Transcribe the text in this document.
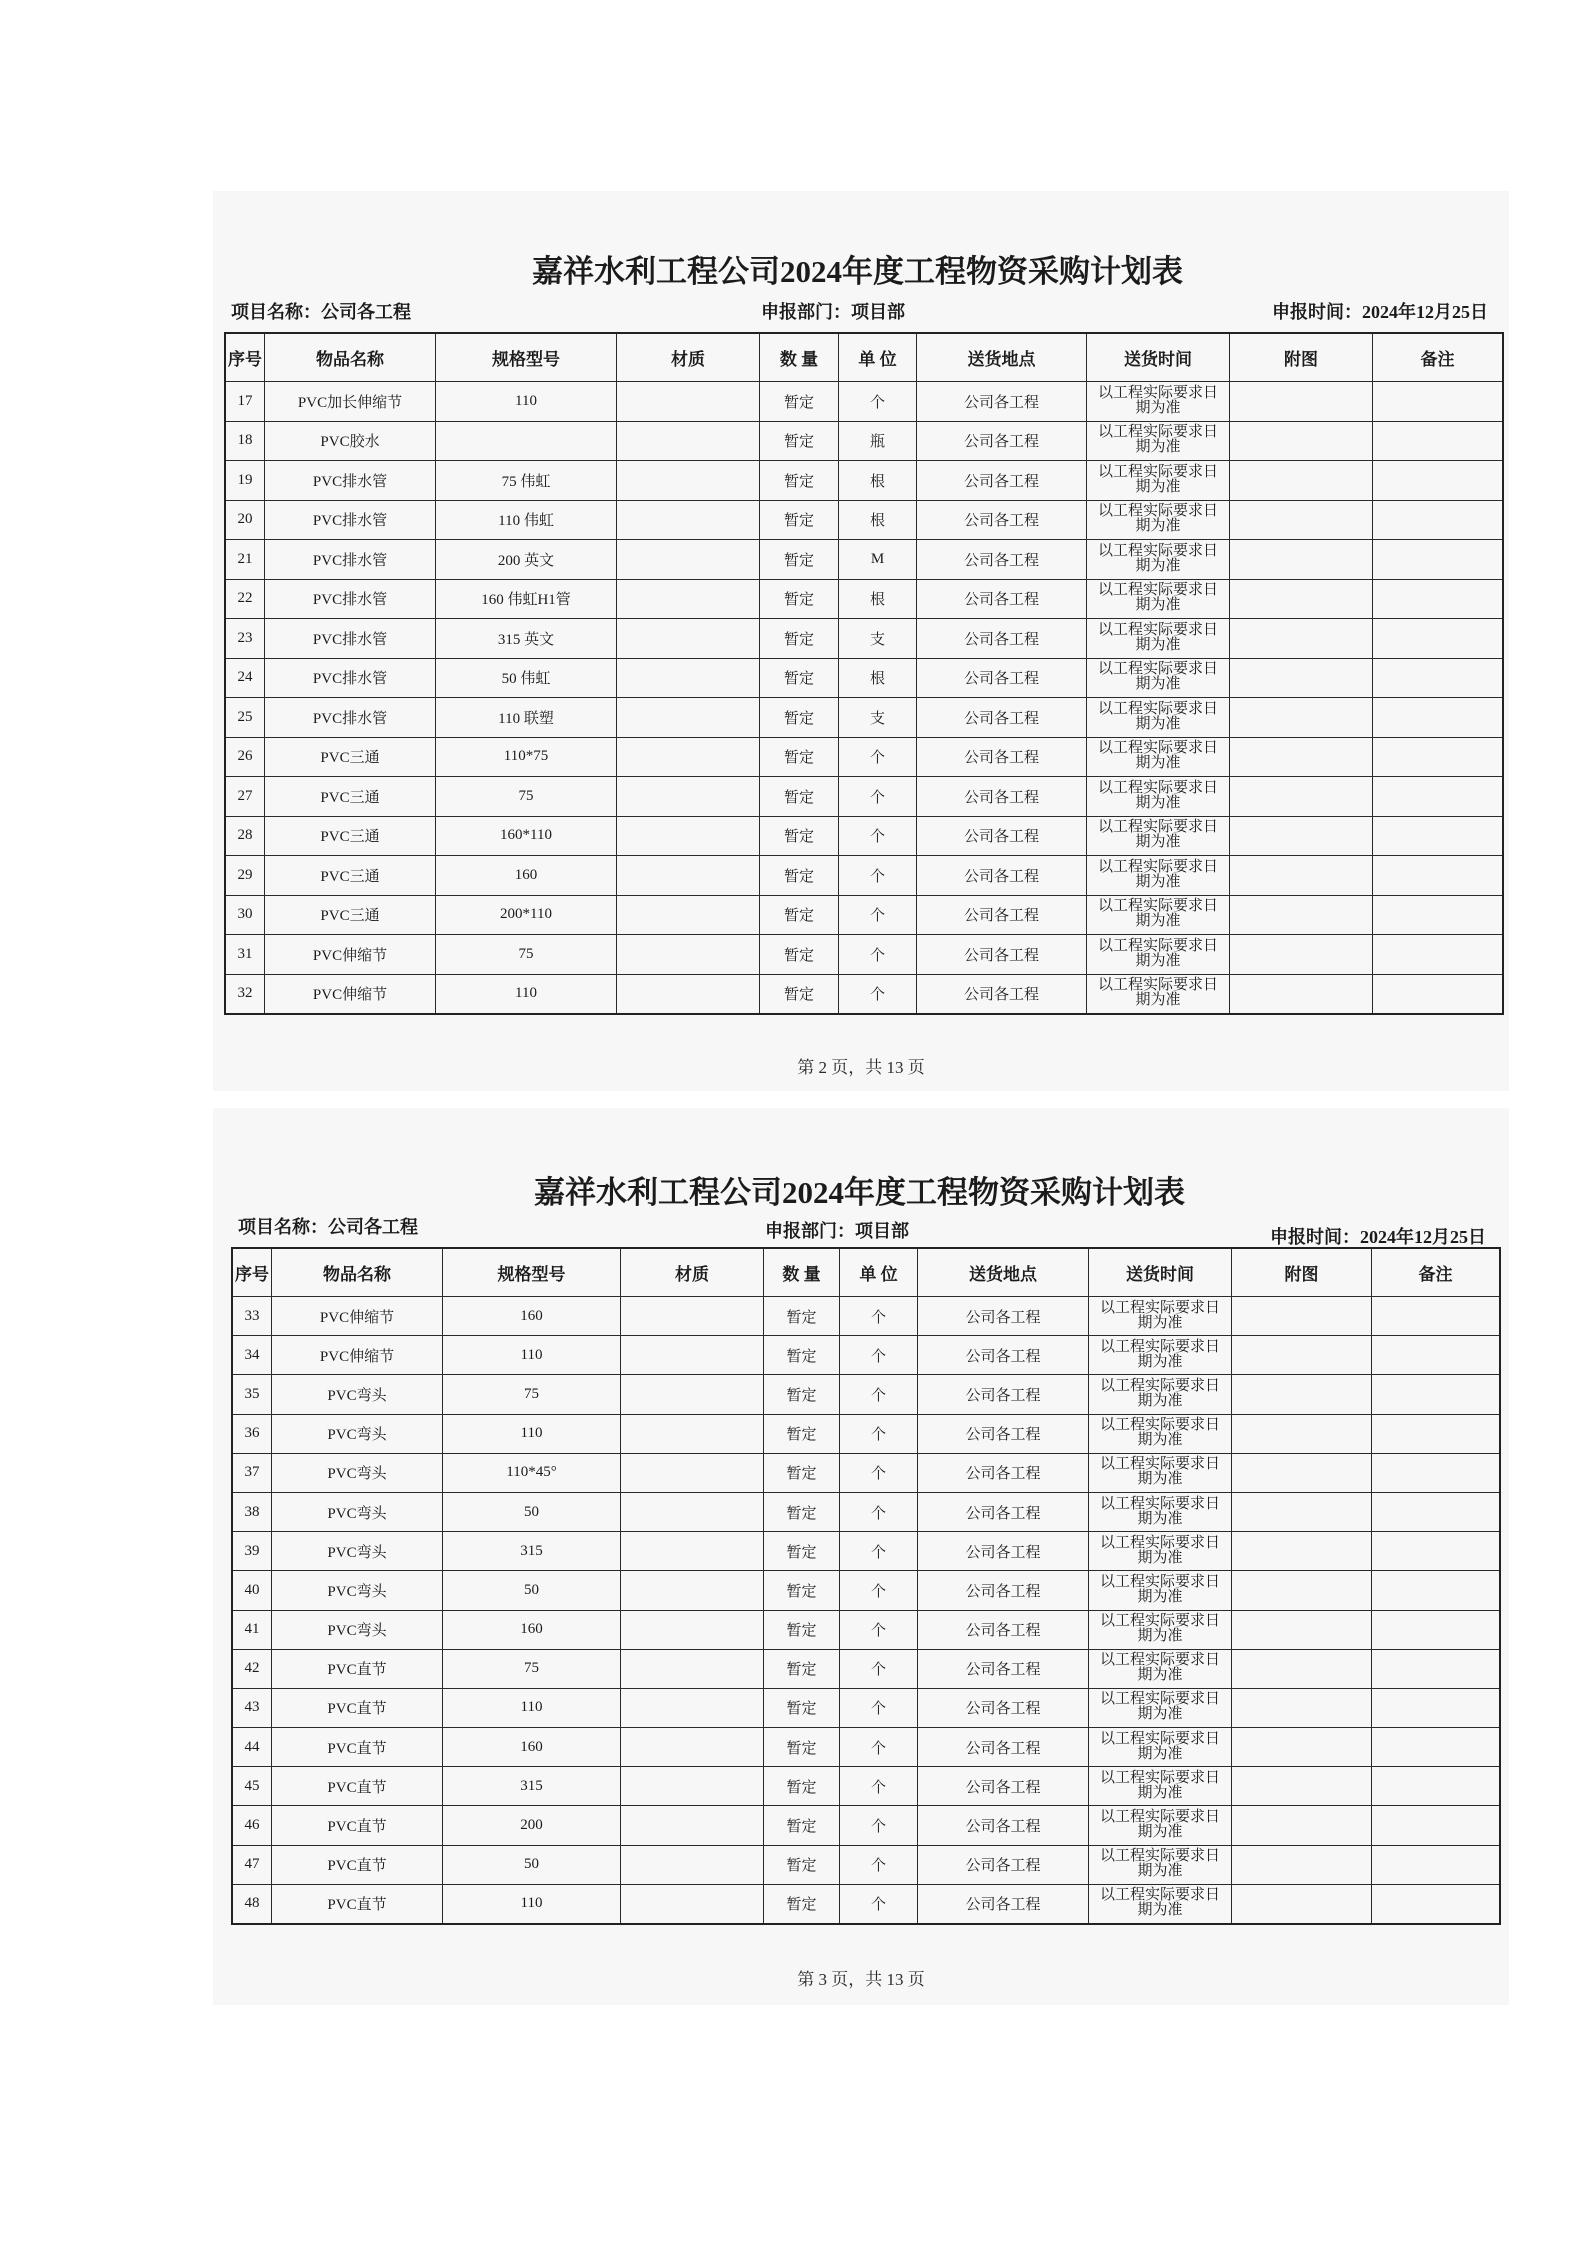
嘉祥水利工程公司2024年度工程物资采购计划表
项目名称：公司各工程	申报部门：项目部	申报时间：2024年12月25日
序号	物品名称	规格型号	材质	数 量	单 位	送货地点	送货时间	附图	备注
17	PVC加长伸缩节	110		暂定	个	公司各工程	以工程实际要求日期为准		
18	PVC胶水			暂定	瓶	公司各工程	以工程实际要求日期为准		
19	PVC排水管	75 伟虹		暂定	根	公司各工程	以工程实际要求日期为准		
20	PVC排水管	110 伟虹		暂定	根	公司各工程	以工程实际要求日期为准		
21	PVC排水管	200 英文		暂定	M	公司各工程	以工程实际要求日期为准		
22	PVC排水管	160 伟虹H1管		暂定	根	公司各工程	以工程实际要求日期为准		
23	PVC排水管	315 英文		暂定	支	公司各工程	以工程实际要求日期为准		
24	PVC排水管	50 伟虹		暂定	根	公司各工程	以工程实际要求日期为准		
25	PVC排水管	110 联塑		暂定	支	公司各工程	以工程实际要求日期为准		
26	PVC三通	110*75		暂定	个	公司各工程	以工程实际要求日期为准		
27	PVC三通	75		暂定	个	公司各工程	以工程实际要求日期为准		
28	PVC三通	160*110		暂定	个	公司各工程	以工程实际要求日期为准		
29	PVC三通	160		暂定	个	公司各工程	以工程实际要求日期为准		
30	PVC三通	200*110		暂定	个	公司各工程	以工程实际要求日期为准		
31	PVC伸缩节	75		暂定	个	公司各工程	以工程实际要求日期为准		
32	PVC伸缩节	110		暂定	个	公司各工程	以工程实际要求日期为准		
第 2 页，共 13 页
嘉祥水利工程公司2024年度工程物资采购计划表
项目名称：公司各工程	申报部门：项目部	申报时间：2024年12月25日
序号	物品名称	规格型号	材质	数 量	单 位	送货地点	送货时间	附图	备注
33	PVC伸缩节	160		暂定	个	公司各工程	以工程实际要求日期为准		
34	PVC伸缩节	110		暂定	个	公司各工程	以工程实际要求日期为准		
35	PVC弯头	75		暂定	个	公司各工程	以工程实际要求日期为准		
36	PVC弯头	110		暂定	个	公司各工程	以工程实际要求日期为准		
37	PVC弯头	110*45°		暂定	个	公司各工程	以工程实际要求日期为准		
38	PVC弯头	50		暂定	个	公司各工程	以工程实际要求日期为准		
39	PVC弯头	315		暂定	个	公司各工程	以工程实际要求日期为准		
40	PVC弯头	50		暂定	个	公司各工程	以工程实际要求日期为准		
41	PVC弯头	160		暂定	个	公司各工程	以工程实际要求日期为准		
42	PVC直节	75		暂定	个	公司各工程	以工程实际要求日期为准		
43	PVC直节	110		暂定	个	公司各工程	以工程实际要求日期为准		
44	PVC直节	160		暂定	个	公司各工程	以工程实际要求日期为准		
45	PVC直节	315		暂定	个	公司各工程	以工程实际要求日期为准		
46	PVC直节	200		暂定	个	公司各工程	以工程实际要求日期为准		
47	PVC直节	50		暂定	个	公司各工程	以工程实际要求日期为准		
48	PVC直节	110		暂定	个	公司各工程	以工程实际要求日期为准		
第 3 页，共 13 页
